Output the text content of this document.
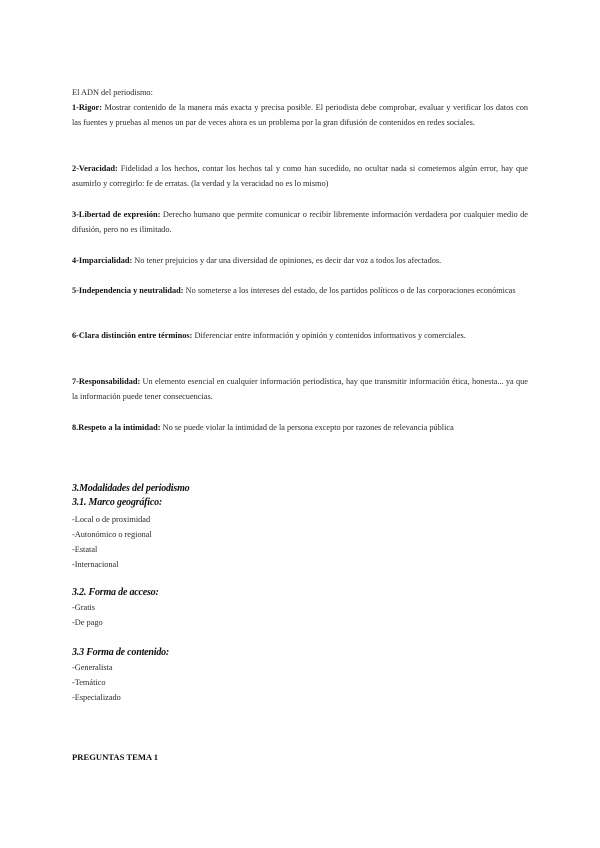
El ADN del periodismo:
1-Rigor: Mostrar contenido de la manera más exacta y precisa posible. El periodista debe comprobar, evaluar y verificar los datos con las fuentes y pruebas al menos un par de veces ahora es un problema por la gran difusión de contenidos en redes sociales.
2-Veracidad: Fidelidad a los hechos, contar los hechos tal y como han sucedido, no ocultar nada si cometemos algún error, hay que asumirlo y corregirlo: fe de erratas. (la verdad y la veracidad no es lo mismo)
3-Libertad de expresión: Derecho humano que permite comunicar o recibir libremente información verdadera por cualquier medio de difusión, pero no es ilimitado.
4-Imparcialidad: No tener prejuicios y dar una diversidad de opiniones, es decir dar voz a todos los afectados.
5-Independencia y neutralidad: No someterse a los intereses del estado, de los partidos políticos o de las corporaciones económicas
6-Clara distinción entre términos: Diferenciar entre información y opinión y contenidos informativos y comerciales.
7-Responsabilidad: Un elemento esencial en cualquier información periodística, hay que transmitir información ética, honesta... ya que la información puede tener consecuencias.
8.Respeto a la intimidad: No se puede violar la intimidad de la persona excepto por razones de relevancia pública
3.Modalidades del periodismo
3.1. Marco geográfico:
-Local o de proximidad
-Autonómico o regional
-Estatal
-Internacional
3.2. Forma de acceso:
-Gratis
-De pago
3.3 Forma de contenido:
-Generalista
-Temático
-Especializado
PREGUNTAS TEMA 1
